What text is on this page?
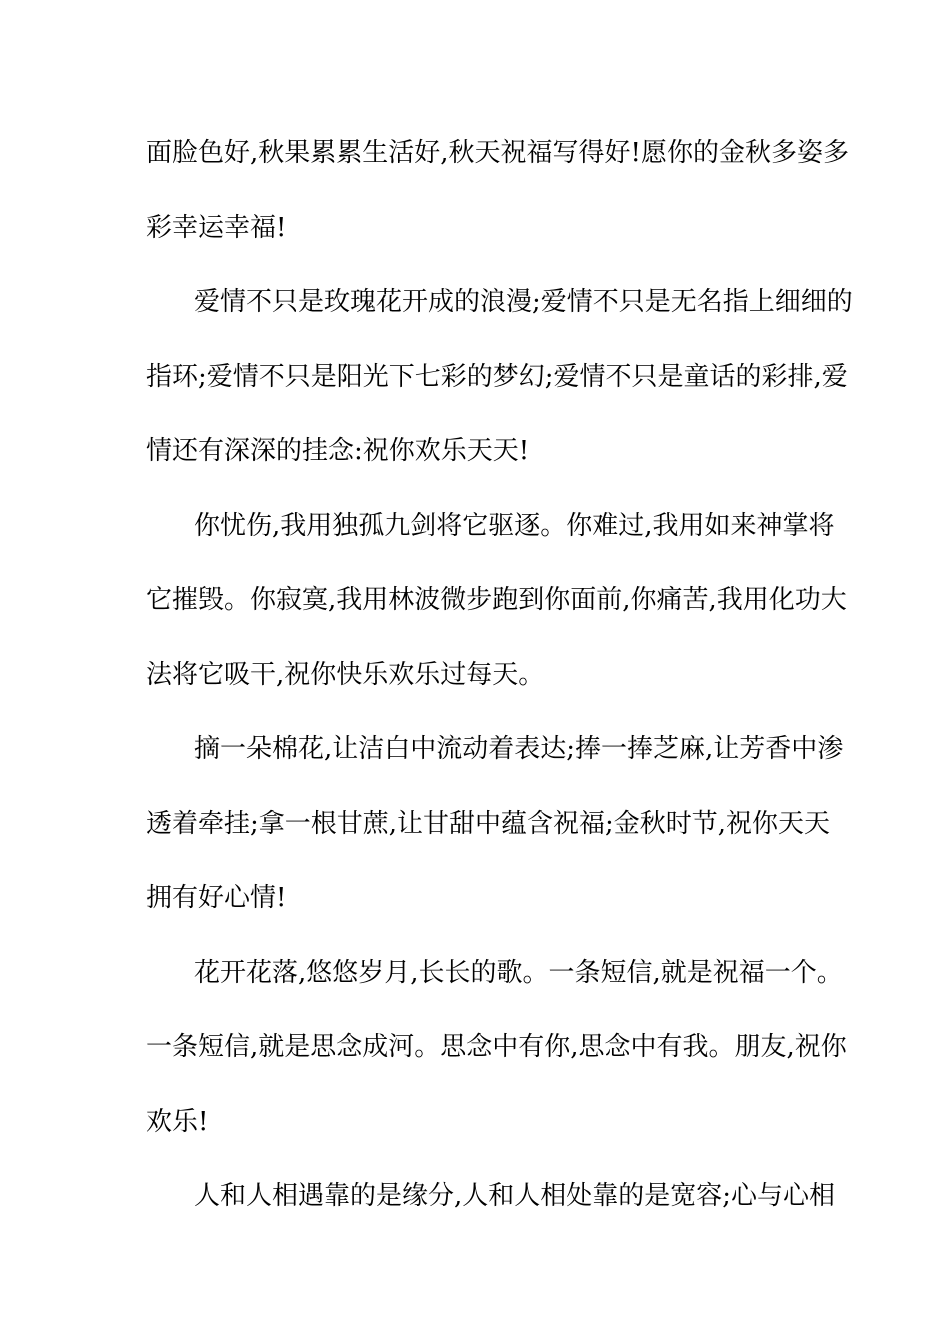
面脸色好,秋果累累生活好,秋天祝福写得好!愿你的金秋多姿多
彩幸运幸福!
爱情不只是玫瑰花开成的浪漫;爱情不只是无名指上细细的
指环;爱情不只是阳光下七彩的梦幻;爱情不只是童话的彩排,爱
情还有深深的挂念:祝你欢乐天天!
你忧伤,我用独孤九剑将它驱逐。你难过,我用如来神掌将
它摧毁。你寂寞,我用林波微步跑到你面前,你痛苦,我用化功大
法将它吸干,祝你快乐欢乐过每天。
摘一朵棉花,让洁白中流动着表达;捧一捧芝麻,让芳香中渗
透着牵挂;拿一根甘蔗,让甘甜中蕴含祝福;金秋时节,祝你天天
拥有好心情!
花开花落,悠悠岁月,长长的歌。一条短信,就是祝福一个。
一条短信,就是思念成河。思念中有你,思念中有我。朋友,祝你
欢乐!
人和人相遇靠的是缘分,人和人相处靠的是宽容;心与心相
